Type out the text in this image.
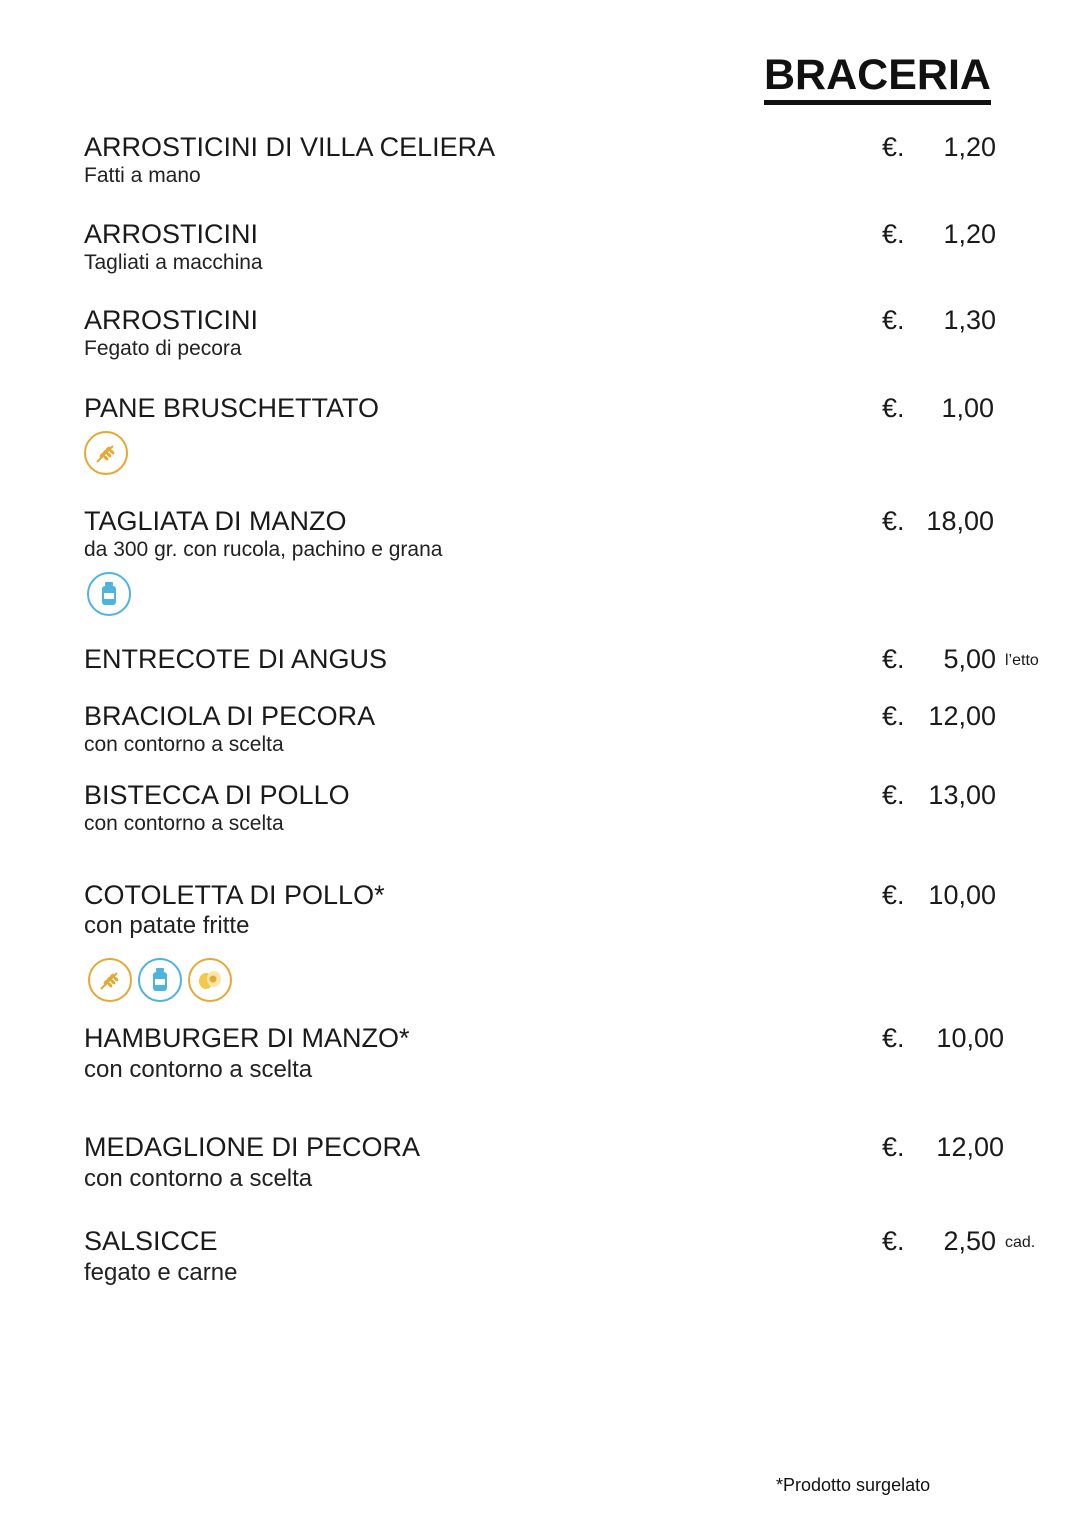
BRACERIA
ARROSTICINI DI VILLA CELIERA
Fatti a mano
€. 1,20
ARROSTICINI
Tagliati a macchina
€. 1,20
ARROSTICINI
Fegato di pecora
€. 1,30
PANE BRUSCHETTATO	€. 1,00
TAGLIATA DI MANZO
da 300 gr. con rucola, pachino e grana
€. 18,00
ENTRECOTE DI ANGUS	€. 5,00 l’etto
BRACIOLA DI PECORA
con contorno a scelta
€. 12,00
BISTECCA DI POLLO
con contorno a scelta
€. 13,00
COTOLETTA DI POLLO*
con patate fritte
€. 10,00
HAMBURGER DI MANZO*
con contorno a scelta
€. 10,00
MEDAGLIONE DI PECORA
con contorno a scelta
€. 12,00
SALSICCE
fegato e carne
€. 2,50 cad.
*Prodotto surgelato
